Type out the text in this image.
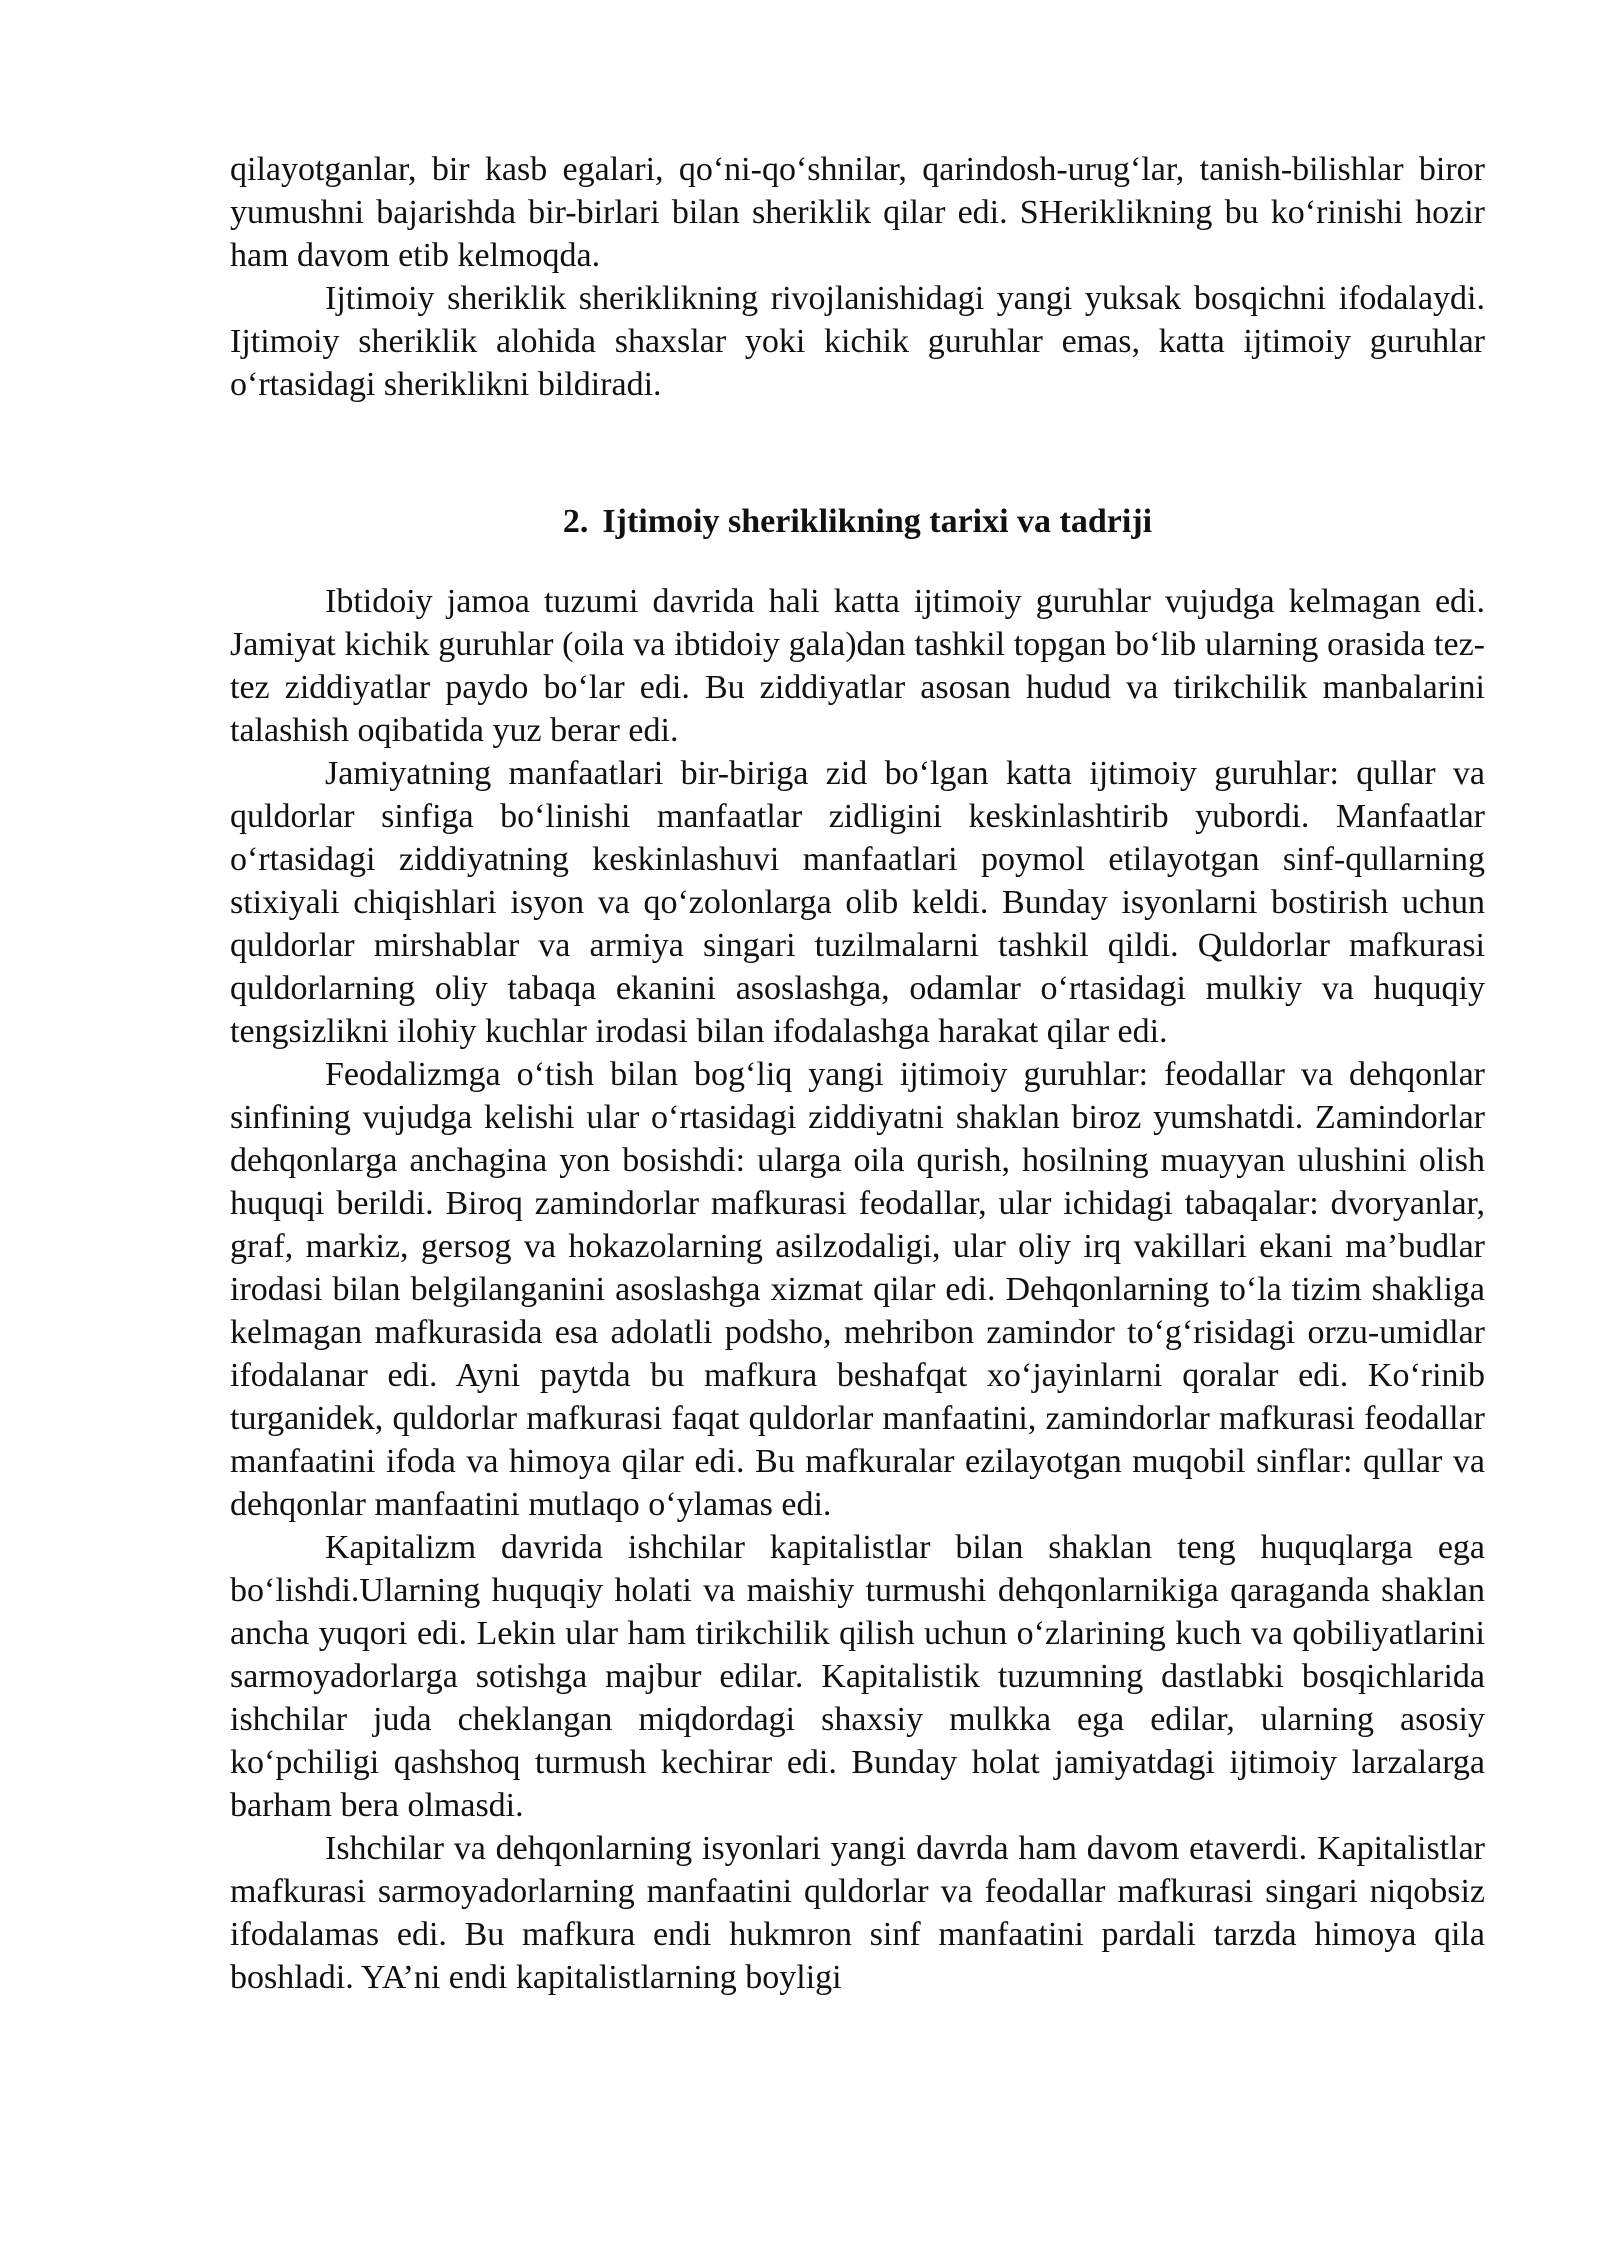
qilayotganlar, bir kasb egalari, qo‘ni-qo‘shnilar, qarindosh-urug‘lar, tanish-bilishlar biror yumushni bajarishda bir-birlari bilan sheriklik qilar edi. SHeriklikning bu ko‘rinishi hozir ham davom etib kelmoqda.

Ijtimoiy sheriklik sheriklikning rivojlanishidagi yangi yuksak bosqichni ifodalaydi. Ijtimoiy sheriklik alohida shaxslar yoki kichik guruhlar emas, katta ijtimoiy guruhlar o‘rtasidagi sheriklikni bildiradi.

2. Ijtimoiy sheriklikning tarixi va tadriji

Ibtidoiy jamoa tuzumi davrida hali katta ijtimoiy guruhlar vujudga kelmagan edi. Jamiyat kichik guruhlar (oila va ibtidoiy gala)dan tashkil topgan bo‘lib ularning orasida tez-tez ziddiyatlar paydo bo‘lar edi. Bu ziddiyatlar asosan hudud va tirikchilik manbalarini talashish oqibatida yuz berar edi.

Jamiyatning manfaatlari bir-biriga zid bo‘lgan katta ijtimoiy guruhlar: qullar va quldorlar sinfiga bo‘linishi manfaatlar zidligini keskinlashtirib yubordi. Manfaatlar o‘rtasidagi ziddiyatning keskinlashuvi manfaatlari poymol etilayotgan sinf-qullarning stixiyali chiqishlari isyon va qo‘zolonlarga olib keldi. Bunday isyonlarni bostirish uchun quldorlar mirshablar va armiya singari tuzilmalarni tashkil qildi. Quldorlar mafkurasi quldorlarning oliy tabaqa ekanini asoslashga, odamlar o‘rtasidagi mulkiy va huquqiy tengsizlikni ilohiy kuchlar irodasi bilan ifodalashga harakat qilar edi.

Feodalizmga o‘tish bilan bog‘liq yangi ijtimoiy guruhlar: feodallar va dehqonlar sinfining vujudga kelishi ular o‘rtasidagi ziddiyatni shaklan biroz yumshatdi. Zamindorlar dehqonlarga anchagina yon bosishdi: ularga oila qurish, hosilning muayyan ulushini olish huquqi berildi. Biroq zamindorlar mafkurasi feodallar, ular ichidagi tabaqalar: dvoryanlar, graf, markiz, gersog va hokazolarning asilzodaligi, ular oliy irq vakillari ekani ma’budlar irodasi bilan belgilanganini asoslashga xizmat qilar edi. Dehqonlarning to‘la tizim shakliga kelmagan mafkurasida esa adolatli podsho, mehribon zamindor to‘g‘risidagi orzu-umidlar ifodalanar edi. Ayni paytda bu mafkura beshafqat xo‘jayinlarni qoralar edi. Ko‘rinib turganidek, quldorlar mafkurasi faqat quldorlar manfaatini, zamindorlar mafkurasi feodallar manfaatini ifoda va himoya qilar edi. Bu mafkuralar ezilayotgan muqobil sinflar: qullar va dehqonlar manfaatini mutlaqo o‘ylamas edi.

Kapitalizm davrida ishchilar kapitalistlar bilan shaklan teng huquqlarga ega bo‘lishdi.Ularning huquqiy holati va maishiy turmushi dehqonlarnikiga qaraganda shaklan ancha yuqori edi. Lekin ular ham tirikchilik qilish uchun o‘zlarining kuch va qobiliyatlarini sarmoyadorlarga sotishga majbur edilar. Kapitalistik tuzumning dastlabki bosqichlarida ishchilar juda cheklangan miqdordagi shaxsiy mulkka ega edilar, ularning asosiy ko‘pchiligi qashshoq turmush kechirar edi. Bunday holat jamiyatdagi ijtimoiy larzalarga barham bera olmasdi.

Ishchilar va dehqonlarning isyonlari yangi davrda ham davom etaverdi. Kapitalistlar mafkurasi sarmoyadorlarning manfaatini quldorlar va feodallar mafkurasi singari niqobsiz ifodalamas edi. Bu mafkura endi hukmron sinf manfaatini pardali tarzda himoya qila boshladi. YA’ni endi kapitalistlarning boyligi
